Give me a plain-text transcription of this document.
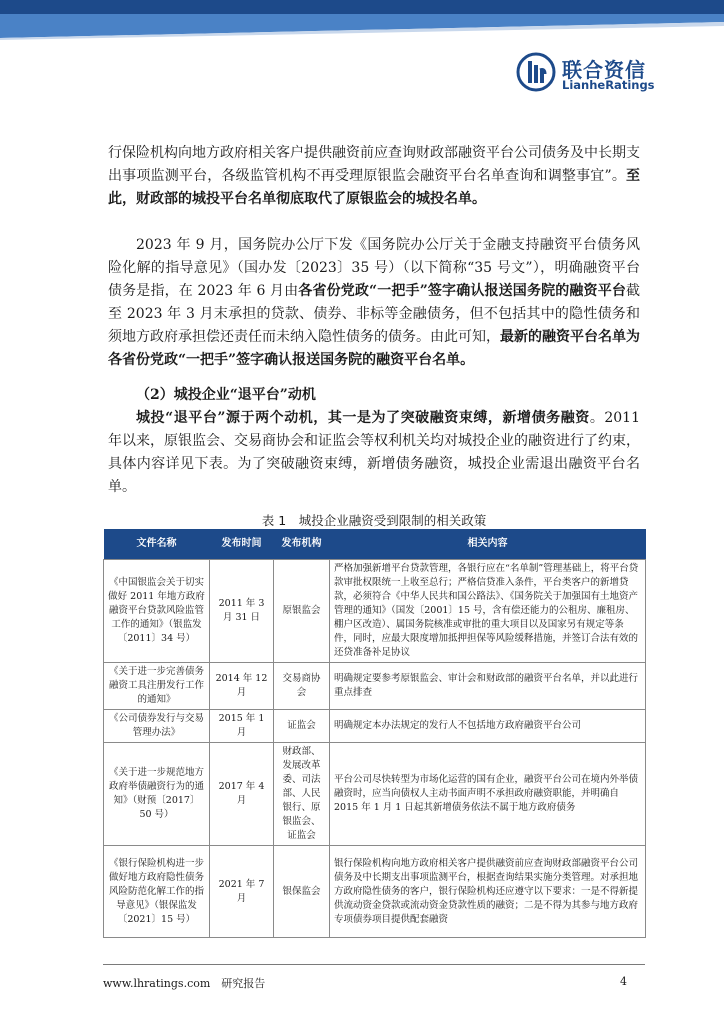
联合资信
LianheRatings

行保险机构向地方政府相关客户提供融资前应查询财政部融资平台公司债务及中长期支出事项监测平台，各级监管机构不再受理原银监会融资平台名单查询和调整事宜”。至此，财政部的城投平台名单彻底取代了原银监会的城投名单。

2023 年 9 月，国务院办公厅下发《国务院办公厅关于金融支持融资平台债务风险化解的指导意见》（国办发〔2023〕35 号）（以下简称“35 号文”），明确融资平台债务是指，在 2023 年 6 月由各省份党政“一把手”签字确认报送国务院的融资平台截至 2023 年 3 月末承担的贷款、债券、非标等金融债务，但不包括其中的隐性债务和须地方政府承担偿还责任而未纳入隐性债务的债务。由此可知，最新的融资平台名单为各省份党政“一把手”签字确认报送国务院的融资平台名单。

（2）城投企业“退平台”动机

城投“退平台”源于两个动机，其一是为了突破融资束缚，新增债务融资。2011 年以来，原银监会、交易商协会和证监会等权利机关均对城投企业的融资进行了约束，具体内容详见下表。为了突破融资束缚，新增债务融资，城投企业需退出融资平台名单。

表 1　城投企业融资受到限制的相关政策
文件名称	发布时间	发布机构	相关内容
《中国银监会关于切实做好 2011 年地方政府融资平台贷款风险监管工作的通知》（银监发〔2011〕34 号）	2011 年 3 月 31 日	原银监会	严格加强新增平台贷款管理，各银行应在“名单制”管理基础上，将平台贷款审批权限统一上收至总行；严格信贷准入条件，平台类客户的新增贷款，必须符合《中华人民共和国公路法》、《国务院关于加强国有土地资产管理的通知》（国发〔2001〕15 号，含有偿还能力的公租房、廉租房、棚户区改造）、属国务院核准或审批的重大项目以及国家另有规定等条件，同时，应最大限度增加抵押担保等风险缓释措施，并签订合法有效的还贷准备补足协议
《关于进一步完善债务融资工具注册发行工作的通知》	2014 年 12 月	交易商协会	明确规定要参考原银监会、审计会和财政部的融资平台名单，并以此进行重点排查
《公司债券发行与交易管理办法》	2015 年 1 月	证监会	明确规定本办法规定的发行人不包括地方政府融资平台公司
《关于进一步规范地方政府举债融资行为的通知》（财预〔2017〕50 号）	2017 年 4 月	财政部、发展改革委、司法部、人民银行、原银监会、证监会	平台公司尽快转型为市场化运营的国有企业，融资平台公司在境内外举债融资时，应当向债权人主动书面声明不承担政府融资职能，并明确自 2015 年 1 月 1 日起其新增债务依法不属于地方政府债务
《银行保险机构进一步做好地方政府隐性债务风险防范化解工作的指导意见》（银保监发〔2021〕15 号）	2021 年 7 月	银保监会	银行保险机构向地方政府相关客户提供融资前应查询财政部融资平台公司债务及中长期支出事项监测平台，根据查询结果实施分类管理。对承担地方政府隐性债务的客户，银行保险机构还应遵守以下要求：一是不得新提供流动资金贷款或流动资金贷款性质的融资；二是不得为其参与地方政府专项债券项目提供配套融资
www.lhratings.com　 研究报告	4
